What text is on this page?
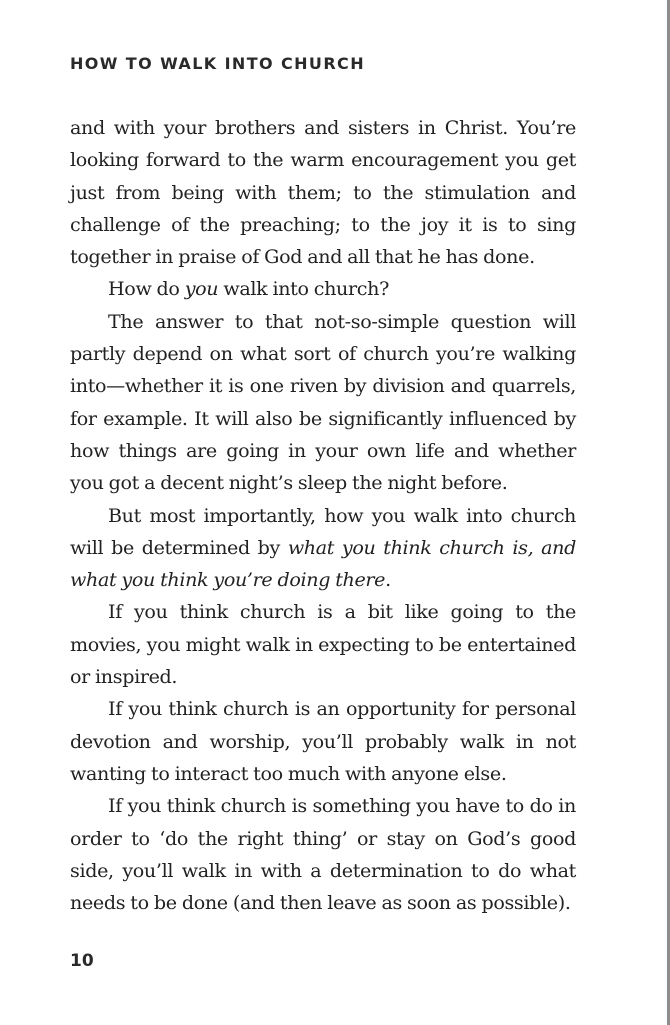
HOW TO WALK INTO CHURCH

and with your brothers and sisters in Christ. You’re looking forward to the warm encouragement you get just from being with them; to the stimulation and challenge of the preaching; to the joy it is to sing together in praise of God and all that he has done.

How do you walk into church?

The answer to that not-so-simple question will partly depend on what sort of church you’re walking into—whether it is one riven by division and quarrels, for example. It will also be significantly influenced by how things are going in your own life and whether you got a decent night’s sleep the night before.

But most importantly, how you walk into church will be determined by what you think church is, and what you think you’re doing there.

If you think church is a bit like going to the movies, you might walk in expecting to be entertained or inspired.

If you think church is an opportunity for personal devotion and worship, you’ll probably walk in not wanting to interact too much with anyone else.

If you think church is something you have to do in order to ‘do the right thing’ or stay on God’s good side, you’ll walk in with a determination to do what needs to be done (and then leave as soon as possible).

10
